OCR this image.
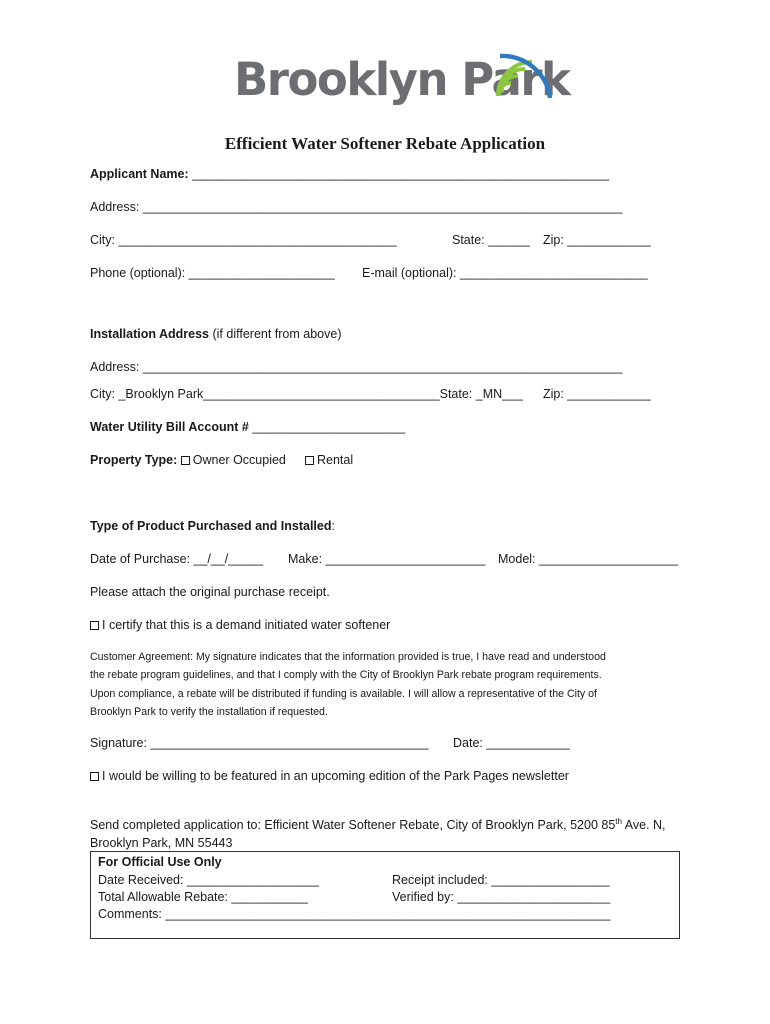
Brooklyn Park
Efficient Water Softener Rebate Application
Applicant Name: ____________________________________________________________
Address: _____________________________________________________________________
City: ________________________________________	State: ______ Zip: ____________
Phone (optional): _____________________ E-mail (optional): ___________________________
Installation Address (if different from above)
Address: _____________________________________________________________________
City: _Brooklyn Park__________________________________State: _MN___ Zip: ____________
Water Utility Bill Account # ______________________
Property Type: Owner Occupied	Rental
Type of Product Purchased and Installed:
Date of Purchase: __/__/_____ Make: _______________________ Model: ____________________
Please attach the original purchase receipt.
I certify that this is a demand initiated water softener
Customer Agreement: My signature indicates that the information provided is true, I have read and understood
the rebate program guidelines, and that I comply with the City of Brooklyn Park rebate program requirements.
Upon compliance, a rebate will be distributed if funding is available. I will allow a representative of the City of
Brooklyn Park to verify the installation if requested.
Signature: ________________________________________ Date: ____________
I would be willing to be featured in an upcoming edition of the Park Pages newsletter
Send completed application to: Efficient Water Softener Rebate, City of Brooklyn Park, 5200 85th Ave. N,
Brooklyn Park, MN 55443
For Official Use Only
Date Received: ___________________	Receipt included: _________________
Total Allowable Rebate: ___________	Verified by: ______________________
Comments: ________________________________________________________________
